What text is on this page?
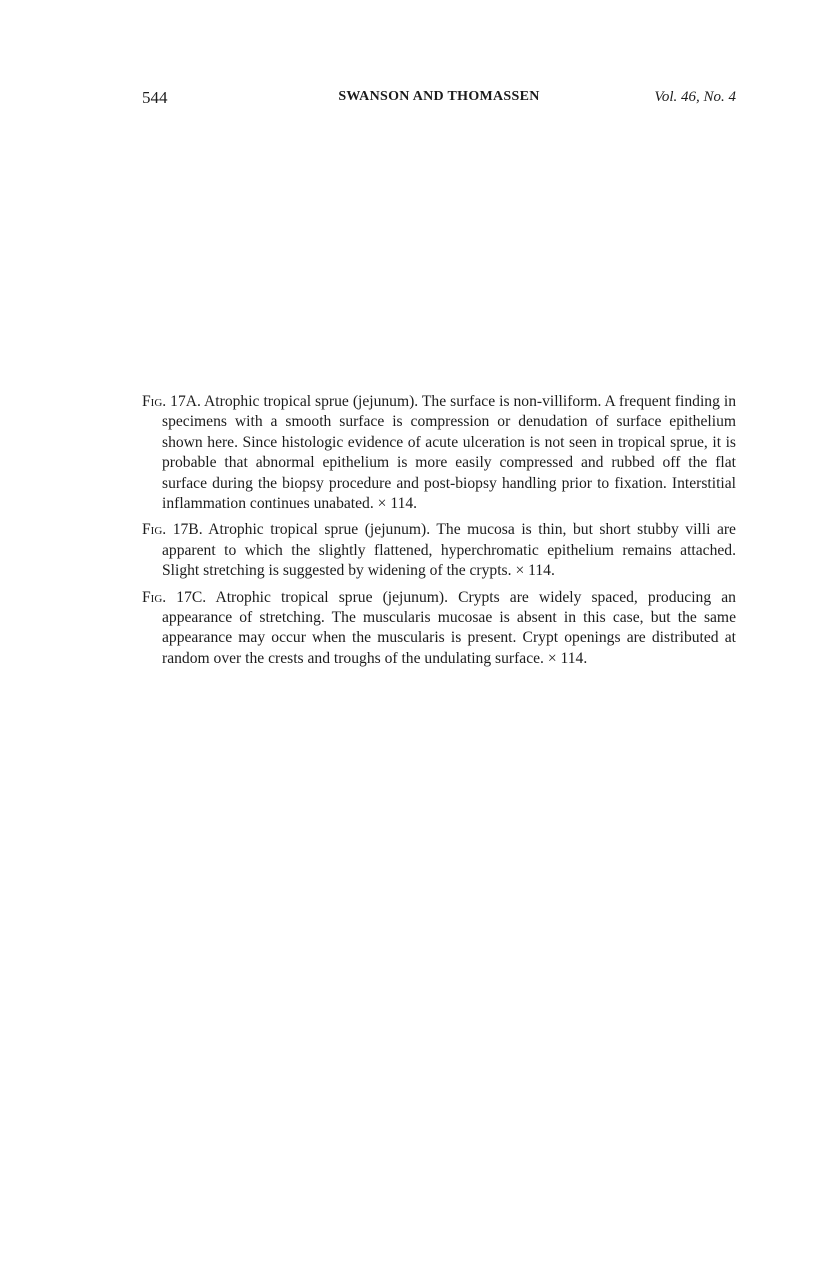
544	SWANSON AND THOMASSEN	Vol. 46, No. 4

Fig. 17A. Atrophic tropical sprue (jejunum). The surface is non-villiform. A frequent finding in specimens with a smooth surface is compression or denudation of surface epithelium shown here. Since histologic evidence of acute ulceration is not seen in tropical sprue, it is probable that abnormal epithelium is more easily compressed and rubbed off the flat surface during the biopsy procedure and post-biopsy handling prior to fixation. Interstitial inflammation continues unabated. × 114.

Fig. 17B. Atrophic tropical sprue (jejunum). The mucosa is thin, but short stubby villi are apparent to which the slightly flattened, hyperchromatic epithelium remains attached. Slight stretching is suggested by widening of the crypts. × 114.

Fig. 17C. Atrophic tropical sprue (jejunum). Crypts are widely spaced, producing an appearance of stretching. The muscularis mucosae is absent in this case, but the same appearance may occur when the muscularis is present. Crypt openings are distributed at random over the crests and troughs of the undulating surface. × 114.
